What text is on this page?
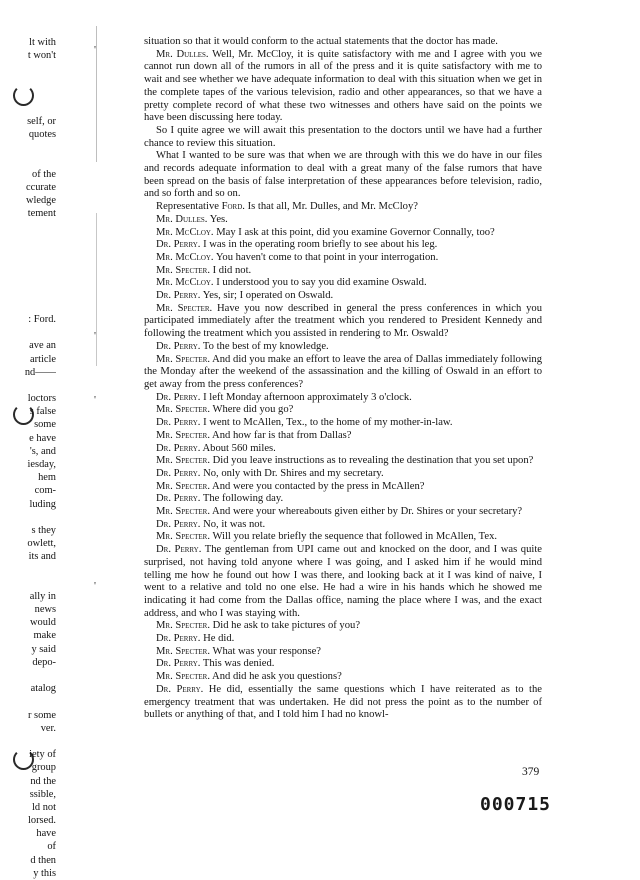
'
'
'
'
lt with
t won't
self, or
quotes
of the
ccurate
wledge
tement
: Ford.
ave an
article
nd——
loctors
s false
some
e have
's, and
iesday,
hem
com-
luding
s they
owlett,
its and
ally in
news
would
make
y said
depo-
atalog
r some
ver.
iety of
group
nd the
ssible,
ld not
lorsed.
have
of
d then
y this

situation so that it would conform to the actual statements that the doctor has made.

Mr. Dulles. Well, Mr. McCloy, it is quite satisfactory with me and I agree with you we cannot run down all of the rumors in all of the press and it is quite satisfactory with me to wait and see whether we have adequate information to deal with this situation when we get in the complete tapes of the various television, radio and other appearances, so that we have a pretty complete record of what these two witnesses and others have said on the points we have been discussing here today.

So I quite agree we will await this presentation to the doctors until we have had a further chance to review this situation.

What I wanted to be sure was that when we are through with this we do have in our files and records adequate information to deal with a great many of the false rumors that have been spread on the basis of false interpretation of these appearances before television, radio, and so forth and so on.

Representative Ford. Is that all, Mr. Dulles, and Mr. McCloy?

Mr. Dulles. Yes.

Mr. McCloy. May I ask at this point, did you examine Governor Connally, too?

Dr. Perry. I was in the operating room briefly to see about his leg.

Mr. McCloy. You haven't come to that point in your interrogation.

Mr. Specter. I did not.

Mr. McCloy. I understood you to say you did examine Oswald.

Dr. Perry. Yes, sir; I operated on Oswald.

Mr. Specter. Have you now described in general the press conferences in which you participated immediately after the treatment which you rendered to President Kennedy and following the treatment which you assisted in rendering to Mr. Oswald?

Dr. Perry. To the best of my knowledge.

Mr. Specter. And did you make an effort to leave the area of Dallas immediately following the Monday after the weekend of the assassination and the killing of Oswald in an effort to get away from the press conferences?

Dr. Perry. I left Monday afternoon approximately 3 o'clock.

Mr. Specter. Where did you go?

Dr. Perry. I went to McAllen, Tex., to the home of my mother-in-law.

Mr. Specter. And how far is that from Dallas?

Dr. Perry. About 560 miles.

Mr. Specter. Did you leave instructions as to revealing the destination that you set upon?

Dr. Perry. No, only with Dr. Shires and my secretary.

Mr. Specter. And were you contacted by the press in McAllen?

Dr. Perry. The following day.

Mr. Specter. And were your whereabouts given either by Dr. Shires or your secretary?

Dr. Perry. No, it was not.

Mr. Specter. Will you relate briefly the sequence that followed in McAllen, Tex.

Dr. Perry. The gentleman from UPI came out and knocked on the door, and I was quite surprised, not having told anyone where I was going, and I asked him if he would mind telling me how he found out how I was there, and looking back at it I was kind of naive, I went to a relative and told no one else. He had a wire in his hands which he showed me indicating it had come from the Dallas office, naming the place where I was, and the exact address, and who I was staying with.

Mr. Specter. Did he ask to take pictures of you?

Dr. Perry. He did.

Mr. Specter. What was your response?

Dr. Perry. This was denied.

Mr. Specter. And did he ask you questions?

Dr. Perry. He did, essentially the same questions which I have reiterated as to the emergency treatment that was undertaken. He did not press the point as to the number of bullets or anything of that, and I told him I had no knowl-

379
000715
